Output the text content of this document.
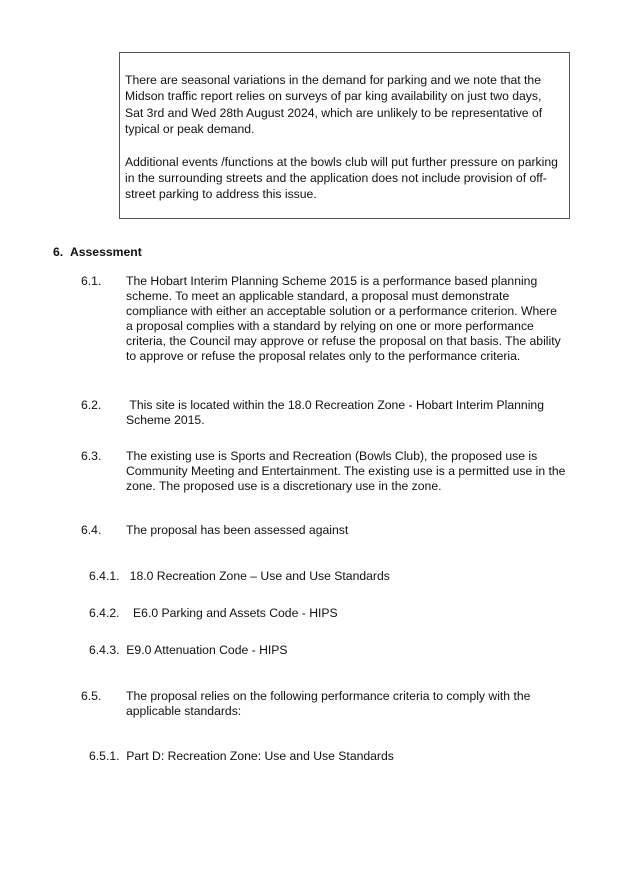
There are seasonal variations in the demand for parking and we note that the Midson traffic report relies on surveys of par king availability on just two days, Sat 3rd and Wed 28th August 2024, which are unlikely to be representative of typical or peak demand.

Additional events /functions at the bowls club will put further pressure on parking in the surrounding streets and the application does not include provision of off-street parking to address this issue.

6. Assessment
6.1. The Hobart Interim Planning Scheme 2015 is a performance based planning scheme. To meet an applicable standard, a proposal must demonstrate compliance with either an acceptable solution or a performance criterion. Where a proposal complies with a standard by relying on one or more performance criteria, the Council may approve or refuse the proposal on that basis. The ability to approve or refuse the proposal relates only to the performance criteria.
6.2. This site is located within the 18.0 Recreation Zone - Hobart Interim Planning Scheme 2015.
6.3. The existing use is Sports and Recreation (Bowls Club), the proposed use is Community Meeting and Entertainment. The existing use is a permitted use in the zone. The proposed use is a discretionary use in the zone.
6.4. The proposal has been assessed against
6.4.1. 18.0 Recreation Zone – Use and Use Standards
6.4.2. E6.0 Parking and Assets Code - HIPS
6.4.3. E9.0 Attenuation Code - HIPS
6.5. The proposal relies on the following performance criteria to comply with the applicable standards:
6.5.1. Part D: Recreation Zone: Use and Use Standards
